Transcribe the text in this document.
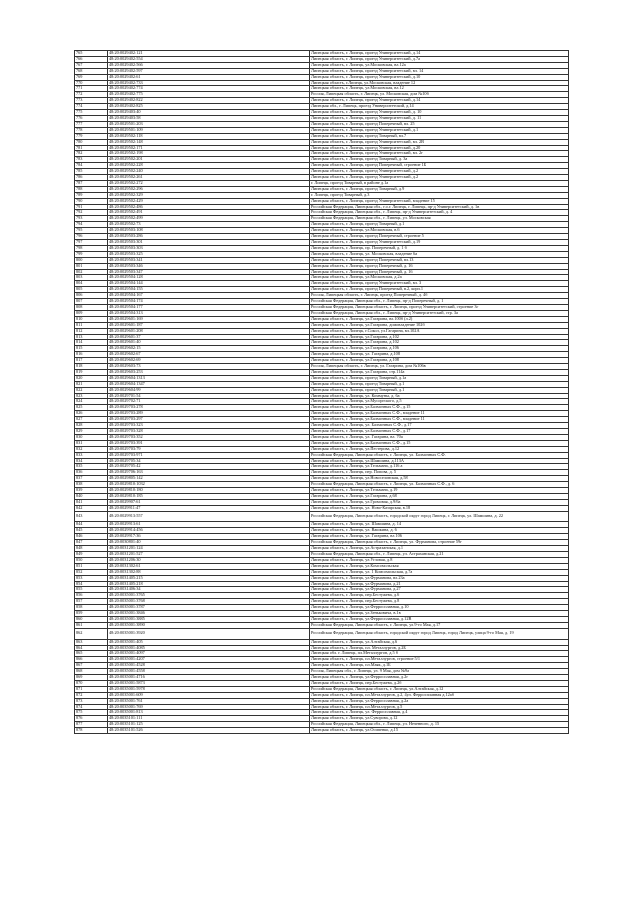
765	48:20:0029402:121	Липецкая область, г. Липецк, проезд Университетский, д.14
766	48:20:0029402:554	Липецкая область, г. Липецк, проезд Университетский, д.7а
767	48:20:0029402:566	Липецкая область, г. Липецк, ул.Московская, вл.12а
768	48:20:0029402:597	Липецкая область, г. Липецк, проезд Университетский, вл. 14
769	48:20:0029402:61	Липецкая область, г. Липецк, проезд Университетский, д.10
770	48:20:0029402:733	Липецкая область, г.Липецк, ул.Московская, владение 12
771	48:20:0029402:774	Липецкая область, г. Липецк, ул.Московская, вл.12
772	48:20:0029402:775	Россия, Липецкая область, г. Липецк, ул. Московская, дом №10б
773	48:20:0029402:822	Липецкая область, г. Липецк, проезд Университетский, д.14
774	48:20:0029402:825	Липецкая обл., г. Липецк, проезд Университетский, д.14
775	48:20:0029403:40	Липецкая область, г. Липецк, проезд Университетский, д. 10
776	48:20:0029403:58	Липецкая область, г. Липецк, проезд Университетский, д. 11
777	48:20:0029501:203	Липецкая область, г. Липецк, проезд Поперечный, вл. 25
778	48:20:0029501:109	Липецкая область, г. Липецк, проезд Университетский, д.1
779	48:20:0029502:118	Липецкая область, г. Липецк, проезд Товарный, вл.7
780	48:20:0029502:148	Липецкая область, г. Липецк, проезд Университетский, вл. 2В
781	48:20:0029502:171	Липецкая область, г. Липецк, проезд Университетский, д.20
782	48:20:0029502:198	Липецкая область, г. Липецк, проезд Университетский, вл. 2г
783	48:20:0029502:201	Липецкая область, г. Липецк, проезд Товарный, д. 3а
784	48:20:0029502:228	Липецкая область, г. Липецк, проезд Поперечный, строение 1Б
785	48:20:0029502:240	Липецкая область, г. Липецк, проезд Университетский, д.2
786	48:20:0029502:261	Липецкая область, г. Липецк, проезд Университетский, д.2
787	48:20:0029502:272	г. Липецк, проезд Товарный, в районе д.1а
788	48:20:0029502:296	Липецкая область, г. Липецк, проезд Товарный, д.9
789	48:20:0029502:329	г. Липецк, проезд Товарный, д.3
790	48:20:0029502:429	Липецкая область, г. Липецк, проезд Университетский, владение 15
791	48:20:0029502:486	Российская Федерация, Липецкая обл., г.о.г. Липецк, г. Липецк, пр-д Университетский, д. 1в
792	48:20:0029502:491	Российская Федерация, Липецкая обл., г. Липецк, пр-д Университетский, д. 4
793	48:20:0029502:499	Российская Федерация, Липецкая обл., г. Липецк, ул. Московская
794	48:20:0029502:73	Липецкая область, г. Липецк, проезд Товарный, д.1
795	48:20:0029503:108	Липецкая область, г. Липецк, ул.Московская, в.6
796	48:20:0029503:286	Липецкая область, г. Липецк, проезд Поперечный, строение 5
797	48:20:0029503:301	Липецкая область, г. Липецк, проезд Университетский, д.19
798	48:20:0029503:303	Липецкая область, г. Липецк, пр. Поперечный, д. 1 б
799	48:20:0029503:325	Липецкая область, г. Липецк, ул. Московская, владение 6а
800	48:20:0029503:341	Липецкая область, г. Липецк, проезд Поперечный, вл.13
801	48:20:0029503:346	Липецкая область, г. Липецк, проезд Поперечный, д. 16
802	48:20:0029503:347	Липецкая область, г. Липецк, проезд Поперечный, д. 16
803	48:20:0029504:128	Липецкая область, г. Липецк, ул.Московская, д.2а
804	48:20:0029504:144	Липецкая область, г. Липецк, проезд Университетский, вл. 3
805	48:20:0029504:155	Липецкая область, г. Липецк, проезд Поперечный, в.2, корп.1
806	48:20:0029504:167	Россия, Липецкая область, г. Липецк, проезд Поперечный, д. 4б
807	48:20:0029504:174	Российская Федерация, Липецкая обл., г. Липецк, пр-д Поперечный, д. 1
808	48:20:0029504:177	Российская Федерация, Липецкая область, г. Липецк, проезд Университетский, строение 3г
809	48:20:0029504:313	Российская Федерация, Липецкая обл., г. Липецк, пр-д Университетский, стр. 3а
810	48:20:0029601:169	Липецкая область, г. Липецк, ул.Гагарина, вл.100б (л.2)
811	48:20:0029601:187	Липецкая область, г. Липецк, ул.Гагарина, домовладение 102б
812	48:20:0029601:208	Липецкая область, г. Липецк, г.Сокол, ул.Гагарина, вл.102А
813	48:20:0029601:37	Липецкая область, г. Липецк, ул.Гагарина, д.102
814	48:20:0029601:40	Липецкая область, г. Липецк, ул.Гагарина, д.102
815	48:20:0029602:15	Липецкая область, г. Липецк, ул.Гагарина, д.106
816	48:20:0029602:67	Липецкая область, г. Липецк, ул. Гагарина, д.108
817	48:20:0029602:69	Липецкая область, г. Липецк, ул.Гагарина, д.108
818	48:20:0029603:73	Россия, Липецкая область, г. Липецк, ул. Гагарина, дом №106в
819	48:20:0029603:253	Липецкая область, г. Липецк, ул.Гагарина, стр.114а
820	48:20:0029604:1313	Липецкая область, г. Липецк, проезд Товарный, д.1а
821	48:20:0029604:1347	Липецкая область, г. Липецк, проезд Товарный, д.1
822	48:20:0029604:99	Липецкая область, г. Липецк, проезд Товарный, д.1
823	48:20:0029701:54	Липецкая область, г. Липецк, ул. Коммуны, д. 6а
824	48:20:0029702:71	Липецкая область, г. Липецк, ул.Мусоргского, д.5
825	48:20:0029703:278	Липецкая область, г. Липецк, ул.Балмочных С.Ф., д.15
826	48:20:0029703:289	Липецкая область, г. Липецк, ул.Балмочных С.Ф., владение 11
827	48:20:0029703:297	Липецкая область, г. Липецк, ул.Балмочных С.Ф., владение 11
828	48:20:0029703:323	Липецкая область, г. Липецк, ул. Балмочных С.Ф., д.17
829	48:20:0029703:328	Липецкая область, г. Липецк, ул.Балмочных С.Ф., д.17
830	48:20:0029703:352	Липецкая область, г. Липецк, ул. Гагарина, вл. 70а
831	48:20:0029703:391	Липецкая область, г. Липецк, ул.Балмочных С.Ф., д.15
832	48:20:0029703:79	Липецкая область, г. Липецк, ул.Пестерова, д.12
833	48:20:0029703:971	Российская Федерация, Липецкая область, г. Липецк, ул. Балмочных С.Ф.
834	48:20:0029705:34	Липецкая область, г. Липецк, ул.Шамшина, д.113А
835	48:20:0029705:42	Липецкая область, г. Липецк, ул.Тельмана, д.116 а
836	48:20:0029706:163	Липецкая область, г. Липецк, пер. Попова, д. 5
837	48:20:0029805:142	Липецкая область, г. Липецк, ул.Новоселовская, д.58
838	48:20:0029810:1032	Российская Федерация, Липецкая область, г. Липецк, ул. Балмочных С.Ф., д. 6
839	48:20:0029810:180	Липецкая область, г. Липецк, ул.Тельмана, д.19
840	48:20:0029810:185	Липецкая область, г. Липецк, ул.Гагарина, д.68
841	48:20:0029907:61	Липецкая область, г. Липецк, ул.Громовая, д.9/6а
842	48:20:0029911:47	Липецкая область, г. Липецк, ул. Ново-Казарская, в.18
843	48:20:0029913:557	Российская Федерация, Липецкая область, городской округ город Липецк, г. Липецк, ул. Шамшина, д. 22
844	48:20:0029913:61	Липецкая область, г. Липецк, ул. Шамшина, д. 14
845	48:20:0029914:456	Липецкая область, г. Липецк, ул. Вашкина, д. 6
846	48:20:0029917:36	Липецкая область, г. Липецк, ул. Гагарина, вл.106
847	48:20:0030801:40	Российская Федерация, Липецкая область, г. Липецк, ул. Фурманова, строение 59г
848	48:20:0031201:124	Липецкая область, г. Липецк, ул.Астраханская, д.1
849	48:20:0031201:527	Российская Федерация, Липецкая обл., г. Липецк, ул. Астраханская, д.21
850	48:20:0031206:30	Липецкая область, г. Липецк, ул.Угловая, д.8
851	48:20:0031302:61	Липецкая область, г. Липецк, ул.Комсомольская
852	48:20:0031302:88	Липецкая область, г. Липецк, ул. 1 Комсомольская, д.7а
853	48:20:0031405:215	Липецкая область, г. Липецк, ул.Фурманова, вл.23а
854	48:20:0031405:218	Липецкая область, г. Липецк, ул.Фурманова, д.21
855	48:20:0031406:34	Липецкая область, г. Липецк, ул.Фурманова, д.27
856	48:20:0035001:3765	Липецкая область, г. Липецк, пер.Бестужева, д.6
857	48:20:0035001:3768	Липецкая область, г. Липецк, пер.Бестужева, д.8
858	48:20:0035001:3787	Липецкая область, г. Липецк, ул.Ферросплавная, д.10
859	48:20:0035001:3846	Липецкая область, г. Липецк, ул.Зеньковича, в.1в
860	48:20:0035001:3885	Липецкая область, г. Липецк, ул.Ферросплавная, д.12В
861	48:20:0035001:3890	Российская Федерация, Липецкая область, г. Липецк, ул.9-го Мая, д.17
862	48:20:0035001:3920	Российская Федерация, Липецкая область, городской округ город Липецк, город Липецк, улица 9-го Мая, д. 19
863	48:20:0035001:405	Липецкая область, г. Липецк, ул.Алтайская, д.6
864	48:20:0035001:4085	Липецкая область, г. Липецк, пл. Металлургов, д.2Б
865	48:20:0035001:4097	Липецкая обл. г. Липецк, пл.Металлургов, д.5 б
866	48:20:0035001:4207	Липецкая область, г. Липецк, пл.Металлургов, строение 5/1
867	48:20:0035001:4528	Липецкая область, г. Липецк, пл.Маяк, д.1Б
868	48:20:0035001:4558	Россия, Липецкая обл., г. Липецк, ул. 9 Мая, дом №9а
869	48:20:0035001:4716	Липецкая область, г. Липецк, ул.Ферросплавная, д.2г
870	48:20:0035001:5873	Липецкая область, г. Липецк, пер.Бестужева, д.2б
871	48:20:0035001:5978	Российская Федерация, Липецкая область, г. Липецк, ул.Алтайская, д.12
872	48:20:0035001:609	Липецкая область, г. Липецк, пл.Металлургов, д.2, 4ул. Ферросплавная д.12аб
873	48:20:0035001:761	Липецкая область, г. Липецк, ул.Ферросплавная, д.2а
874	48:20:0035001:769	Липецкая область, г. Липецк, пл.Металлургов, д.5
875	48:20:0035001:813	Липецкая область, г. Липецк, ул. Ферросплавная, д.4
876	48:20:0035101:111	Липецкая область, г. Липецк, ул.Суворова, д.12
877	48:20:0035101:125	Российская Федерация, Липецкая обл., г. Липецк, ул. Неченного, д. 15
878	48:20:0035101:526	Липецкая область, г. Липецк, ул.Осипенко, д.15
